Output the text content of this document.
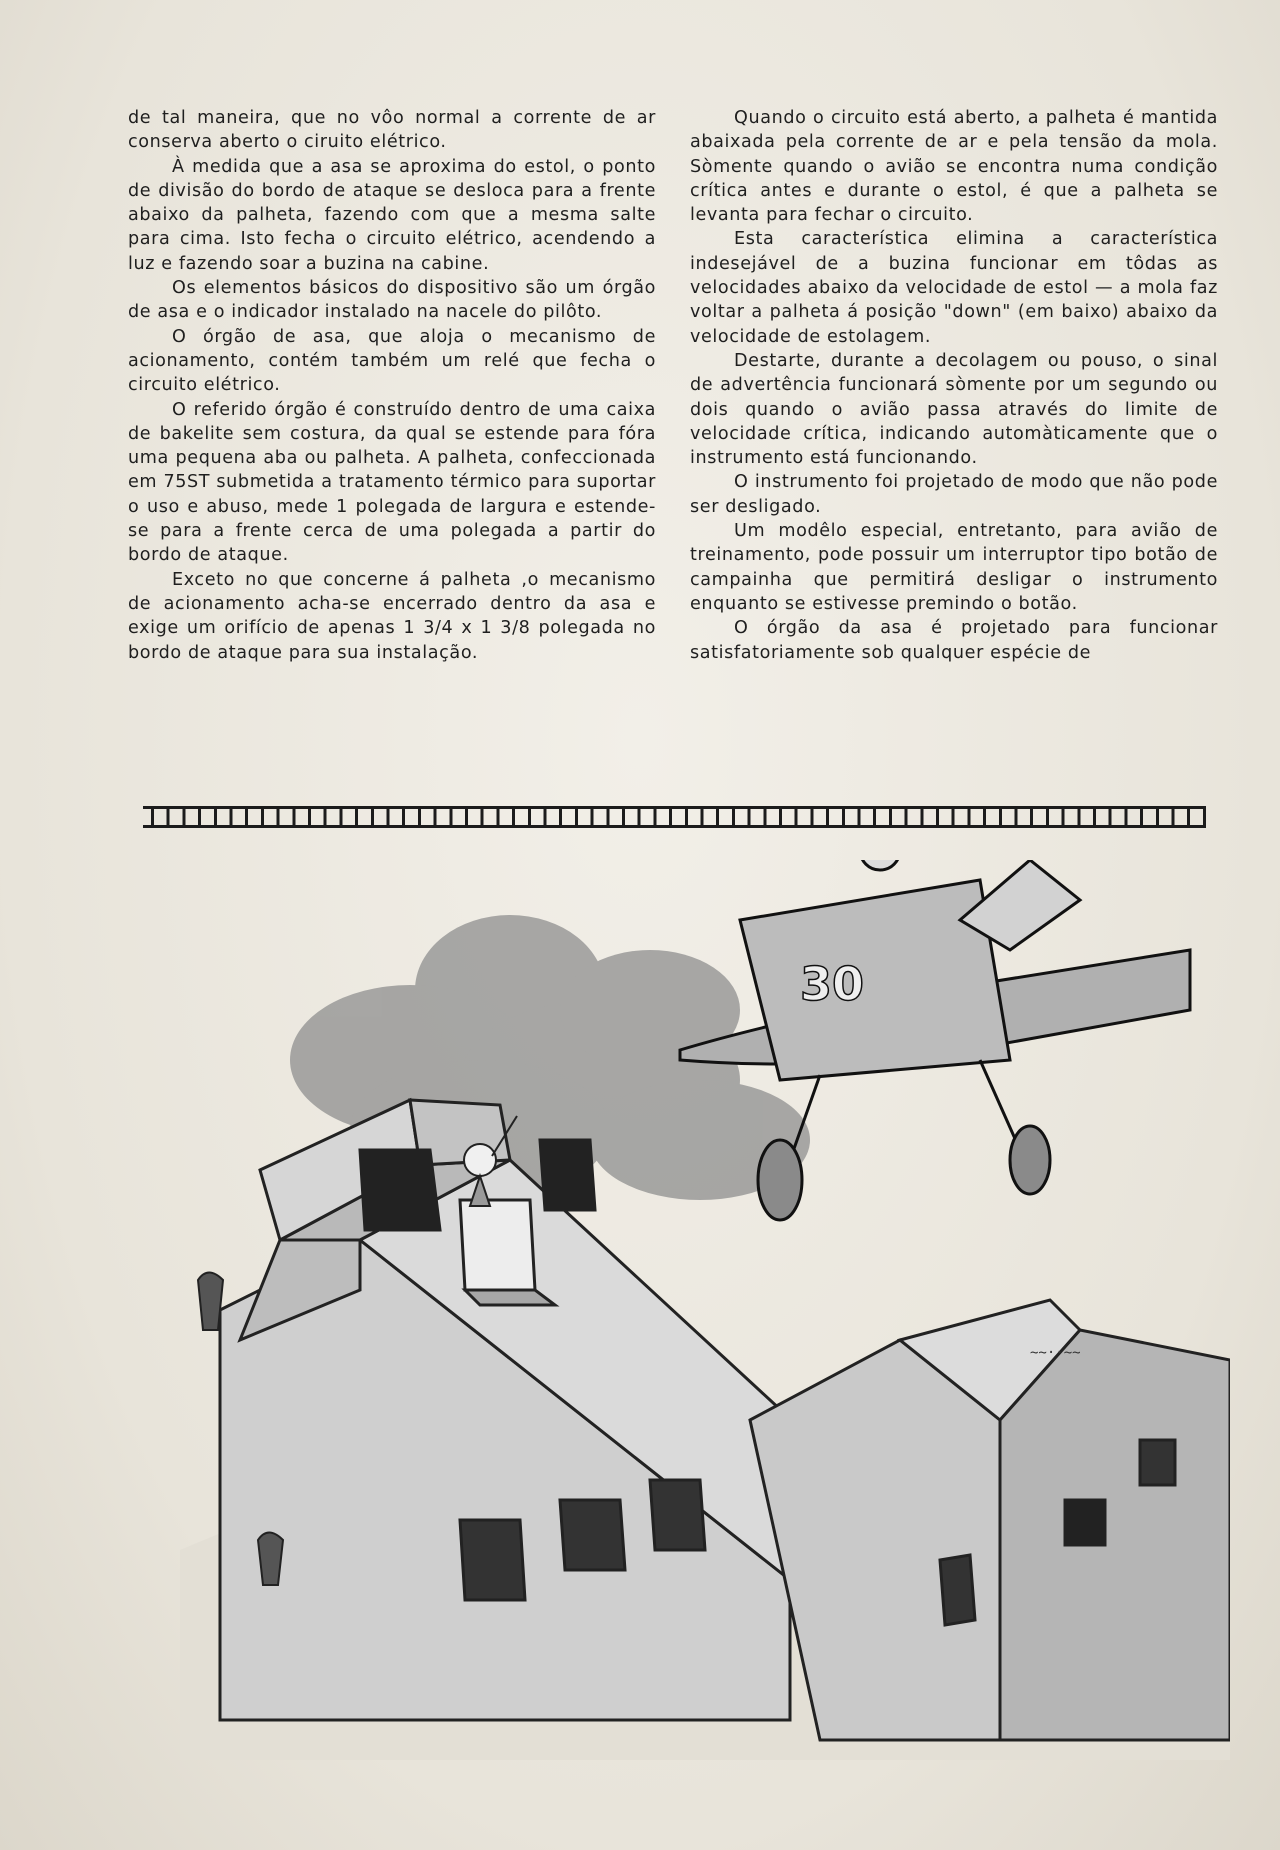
de tal maneira, que no vôo normal a corrente de ar conserva aberto o ciruito elétrico.

À medida que a asa se aproxima do estol, o ponto de divisão do bordo de ataque se desloca para a frente abaixo da palheta, fazendo com que a mesma salte para cima. Isto fecha o circuito elétrico, acendendo a luz e fazendo soar a buzina na cabine.

Os elementos básicos do dispositivo são um órgão de asa e o indicador instalado na nacele do pilôto.

O órgão de asa, que aloja o mecanismo de acionamento, contém também um relé que fecha o circuito elétrico.

O referido órgão é construído dentro de uma caixa de bakelite sem costura, da qual se estende para fóra uma pequena aba ou palheta. A palheta, confeccionada em 75ST submetida a tratamento térmico para suportar o uso e abuso, mede 1 polegada de largura e estende-se para a frente cerca de uma polegada a partir do bordo de ataque.

Exceto no que concerne á palheta ,o mecanismo de acionamento acha-se encerrado dentro da asa e exige um orifício de apenas 1 3/4 x 1 3/8 polegada no bordo de ataque para sua instalação.

Quando o circuito está aberto, a palheta é mantida abaixada pela corrente de ar e pela tensão da mola. Sòmente quando o avião se encontra numa condição crítica antes e durante o estol, é que a palheta se levanta para fechar o circuito.

Esta característica elimina a característica indesejável de a buzina funcionar em tôdas as velocidades abaixo da velocidade de estol — a mola faz voltar a palheta á posição "down" (em baixo) abaixo da velocidade de estolagem.

Destarte, durante a decolagem ou pouso, o sinal de advertência funcionará sòmente por um segundo ou dois quando o avião passa através do limite de velocidade crítica, indicando automàticamente que o instrumento está funcionando.

O instrumento foi projetado de modo que não pode ser desligado.

Um modêlo especial, entretanto, para avião de treinamento, pode possuir um interruptor tipo botão de campainha que permitirá desligar o instrumento enquanto se estivesse premindo o botão.

O órgão da asa é projetado para funcionar satisfatoriamente sob qualquer espécie de

30
~~··~~
